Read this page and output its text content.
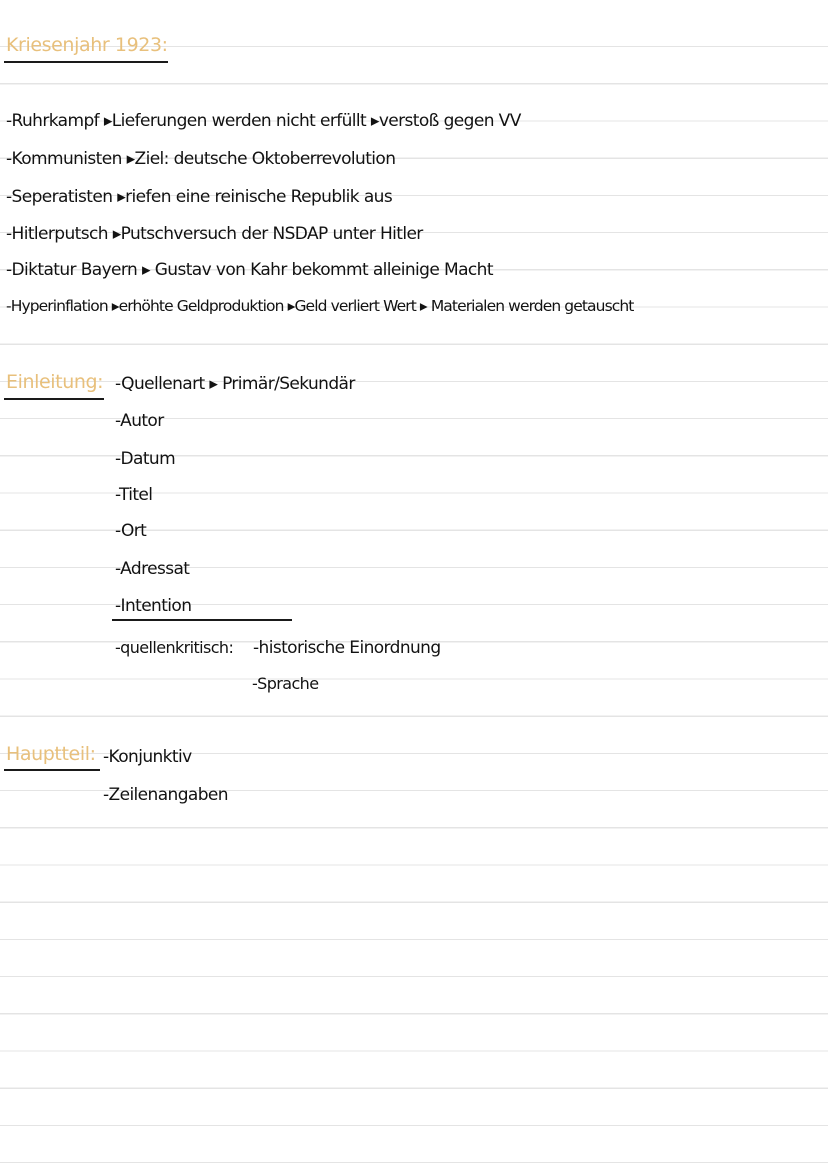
Kriesenjahr 1923:
-Ruhrkampf ▸Lieferungen werden nicht erfüllt ▸verstoß gegen VV
-Kommunisten ▸Ziel: deutsche Oktoberrevolution
-Seperatisten ▸riefen eine reinische Republik aus
-Hitlerputsch ▸Putschversuch der NSDAP unter Hitler
-Diktatur Bayern ▸ Gustav von Kahr bekommt alleinige Macht
-Hyperinflation ▸erhöhte Geldproduktion ▸Geld verliert Wert ▸ Materialen werden getauscht
Einleitung: -Quellenart ▸ Primär/Sekundär
-Autor
-Datum
-Titel
-Ort
-Adressat
-Intention
-quellenkritisch: -historische Einordnung
-Sprache
Hauptteil: -Konjunktiv
-Zeilenangaben
